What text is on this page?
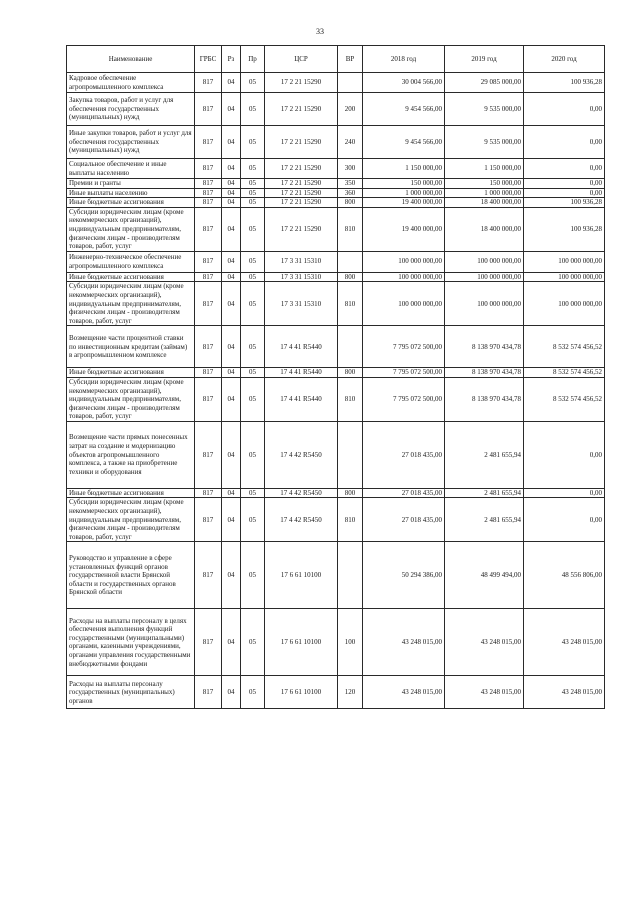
33
Наименование	ГРБС	Рз	Пр	ЦСР	ВР	2018 год	2019 год	2020 год
Кадровое обеспечение агропромышленного комплекса	817	04	05	17 2 21 15290		30 004 566,00	29 085 000,00	100 936,28
Закупка товаров, работ и услуг для обеспечения государственных (муниципальных) нужд	817	04	05	17 2 21 15290	200	9 454 566,00	9 535 000,00	0,00
Иные закупки товаров, работ и услуг для обеспечения государственных (муниципальных) нужд	817	04	05	17 2 21 15290	240	9 454 566,00	9 535 000,00	0,00
Социальное обеспечение и иные выплаты населению	817	04	05	17 2 21 15290	300	1 150 000,00	1 150 000,00	0,00
Премии и гранты	817	04	05	17 2 21 15290	350	150 000,00	150 000,00	0,00
Иные выплаты населению	817	04	05	17 2 21 15290	360	1 000 000,00	1 000 000,00	0,00
Иные бюджетные ассигнования	817	04	05	17 2 21 15290	800	19 400 000,00	18 400 000,00	100 936,28
Субсидии юридическим лицам (кроме некоммерческих организаций), индивидуальным предпринимателям, физическим лицам - производителям товаров, работ, услуг	817	04	05	17 2 21 15290	810	19 400 000,00	18 400 000,00	100 936,28
Инженерно-техническое обеспечение агропромышленного комплекса	817	04	05	17 3 31 15310		100 000 000,00	100 000 000,00	100 000 000,00
Иные бюджетные ассигнования	817	04	05	17 3 31 15310	800	100 000 000,00	100 000 000,00	100 000 000,00
Субсидии юридическим лицам (кроме некоммерческих организаций), индивидуальным предпринимателям, физическим лицам - производителям товаров, работ, услуг	817	04	05	17 3 31 15310	810	100 000 000,00	100 000 000,00	100 000 000,00
Возмещение части процентной ставки по инвестиционным кредитам (займам) в агропромышленном комплексе	817	04	05	17 4 41 R5440		7 795 072 500,00	8 138 970 434,78	8 532 574 456,52
Иные бюджетные ассигнования	817	04	05	17 4 41 R5440	800	7 795 072 500,00	8 138 970 434,78	8 532 574 456,52
Субсидии юридическим лицам (кроме некоммерческих организаций), индивидуальным предпринимателям, физическим лицам - производителям товаров, работ, услуг	817	04	05	17 4 41 R5440	810	7 795 072 500,00	8 138 970 434,78	8 532 574 456,52
Возмещение части прямых понесенных затрат на создание и модернизацию объектов агропромышленного комплекса, а также на приобретение техники и оборудования	817	04	05	17 4 42 R5450		27 018 435,00	2 481 655,94	0,00
Иные бюджетные ассигнования	817	04	05	17 4 42 R5450	800	27 018 435,00	2 481 655,94	0,00
Субсидии юридическим лицам (кроме некоммерческих организаций), индивидуальным предпринимателям, физическим лицам - производителям товаров, работ, услуг	817	04	05	17 4 42 R5450	810	27 018 435,00	2 481 655,94	0,00
Руководство и управление в сфере установленных функций органов государственной власти Брянской области и государственных органов Брянской области	817	04	05	17 6 61 10100		50 294 386,00	48 499 494,00	48 556 806,00
Расходы на выплаты персоналу в целях обеспечения выполнения функций государственными (муниципальными) органами, казенными учреждениями, органами управления государственными внебюджетными фондами	817	04	05	17 6 61 10100	100	43 248 015,00	43 248 015,00	43 248 015,00
Расходы на выплаты персоналу государственных (муниципальных) органов	817	04	05	17 6 61 10100	120	43 248 015,00	43 248 015,00	43 248 015,00
